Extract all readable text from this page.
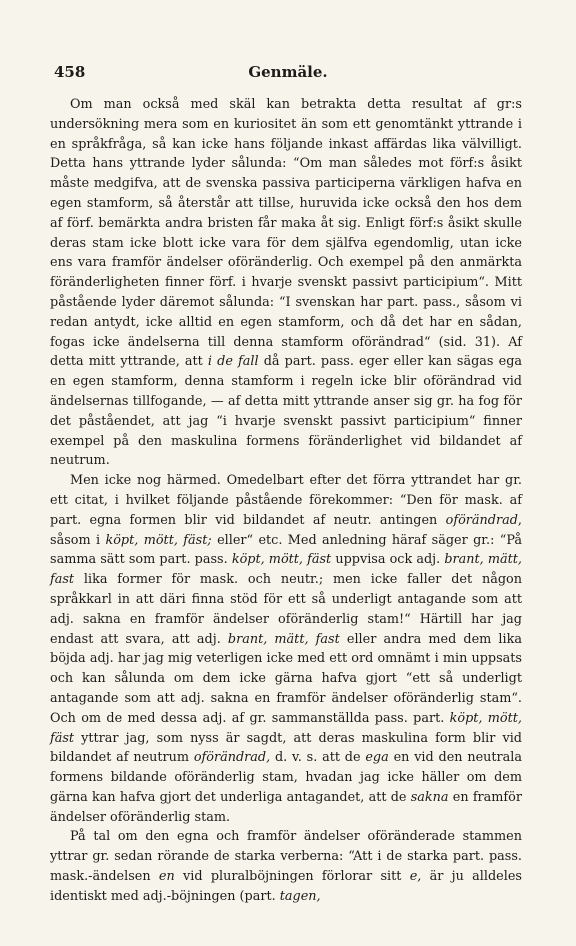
458	Genmäle.

Om man också med skäl kan betrakta detta resultat af gr:s undersökning mera som en kuriositet än som ett genomtänkt yttrande i en språkfråga, så kan icke hans följande inkast affärdas lika välvilligt. Detta hans yttrande lyder sålunda: “Om man således mot förf:s åsikt måste medgifva, att de svenska passiva participerna värkligen hafva en egen stamform, så återstår att tillse, huruvida icke också den hos dem af förf. bemärkta andra bristen får maka åt sig. Enligt förf:s åsikt skulle deras stam icke blott icke vara för dem själfva egendomlig, utan icke ens vara framför ändelser oföränderlig. Och exempel på den anmärkta föränderligheten finner förf. i hvarje svenskt passivt participium“. Mitt påstående lyder däremot sålunda: “I svenskan har part. pass., såsom vi redan antydt, icke alltid en egen stamform, och då det har en sådan, fogas icke ändelserna till denna stamform oförändrad“ (sid. 31). Af detta mitt yttrande, att i de fall då part. pass. eger eller kan sägas ega en egen stamform, denna stamform i regeln icke blir oförändrad vid ändelsernas tillfogande, — af detta mitt yttrande anser sig gr. ha fog för det påståendet, att jag “i hvarje svenskt passivt participium“ finner exempel på den maskulina formens föränderlighet vid bildandet af neutrum.

Men icke nog härmed. Omedelbart efter det förra yttrandet har gr. ett citat, i hvilket följande påstående förekommer: “Den för mask. af part. egna formen blir vid bildandet af neutr. antingen oförändrad, såsom i köpt, mött, fäst; eller“ etc. Med anledning häraf säger gr.: “På samma sätt som part. pass. köpt, mött, fäst uppvisa ock adj. brant, mätt, fast lika former för mask. och neutr.; men icke faller det någon språkkarl in att däri finna stöd för ett så underligt antagande som att adj. sakna en framför ändelser oföränderlig stam!“ Härtill har jag endast att svara, att adj. brant, mätt, fast eller andra med dem lika böjda adj. har jag mig veterligen icke med ett ord omnämt i min uppsats och kan sålunda om dem icke gärna hafva gjort “ett så underligt antagande som att adj. sakna en framför ändelser oföränderlig stam“. Och om de med dessa adj. af gr. sammanställda pass. part. köpt, mött, fäst yttrar jag, som nyss är sagdt, att deras maskulina form blir vid bildandet af neutrum oförändrad, d. v. s. att de ega en vid den neutrala formens bildande oföränderlig stam, hvadan jag icke häller om dem gärna kan hafva gjort det underliga antagandet, att de sakna en framför ändelser oföränderlig stam.

På tal om den egna och framför ändelser oföränderade stammen yttrar gr. sedan rörande de starka verberna: “Att i de starka part. pass. mask.-ändelsen en vid pluralböjningen förlorar sitt e, är ju alldeles identiskt med adj.-böjningen (part. tagen,
